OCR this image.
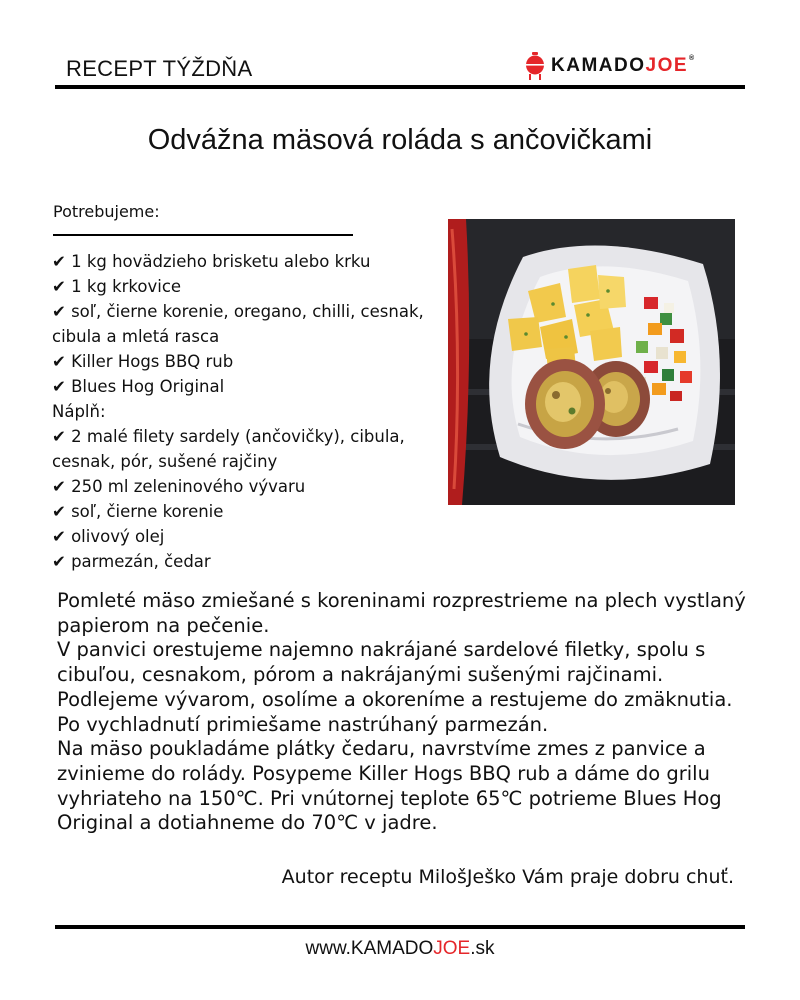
RECEPT TÝŽDŇA	KAMADOJOE®
Odvážna mäsová roláda s ančovičkami
Potrebujeme:
✔ 1 kg hovädzieho brisketu alebo krku
✔ 1 kg krkovice
✔ soľ, čierne korenie, oregano, chilli, cesnak, cibula a mletá rasca
✔ Killer Hogs BBQ rub
✔ Blues Hog Original
Náplň:
✔ 2 malé filety sardely (ančovičky), cibula, cesnak, pór, sušené rajčiny
✔ 250 ml zeleninového vývaru
✔ soľ, čierne korenie
✔ olivový olej
✔ parmezán, čedar
Pomleté mäso zmiešané s koreninami rozprestrieme na plech vystlaný papierom na pečenie.
V panvici orestujeme najemno nakrájané sardelové filetky, spolu s cibuľou, cesnakom, pórom a nakrájanými sušenými rajčinami. Podlejeme vývarom, osolíme a okoreníme a restujeme do zmäknutia. Po vychladnutí primiešame nastrúhaný parmezán.
Na mäso poukladáme plátky čedaru, navrstvíme zmes z panvice a zvinieme do rolády. Posypeme Killer Hogs BBQ rub a dáme do grilu vyhriateho na 150℃. Pri vnútornej teplote 65℃ potrieme Blues Hog Original a dotiahneme do 70℃ v jadre.
Autor receptu MilošJeško Vám praje dobru chuť.
www.KAMADOJOE.sk
